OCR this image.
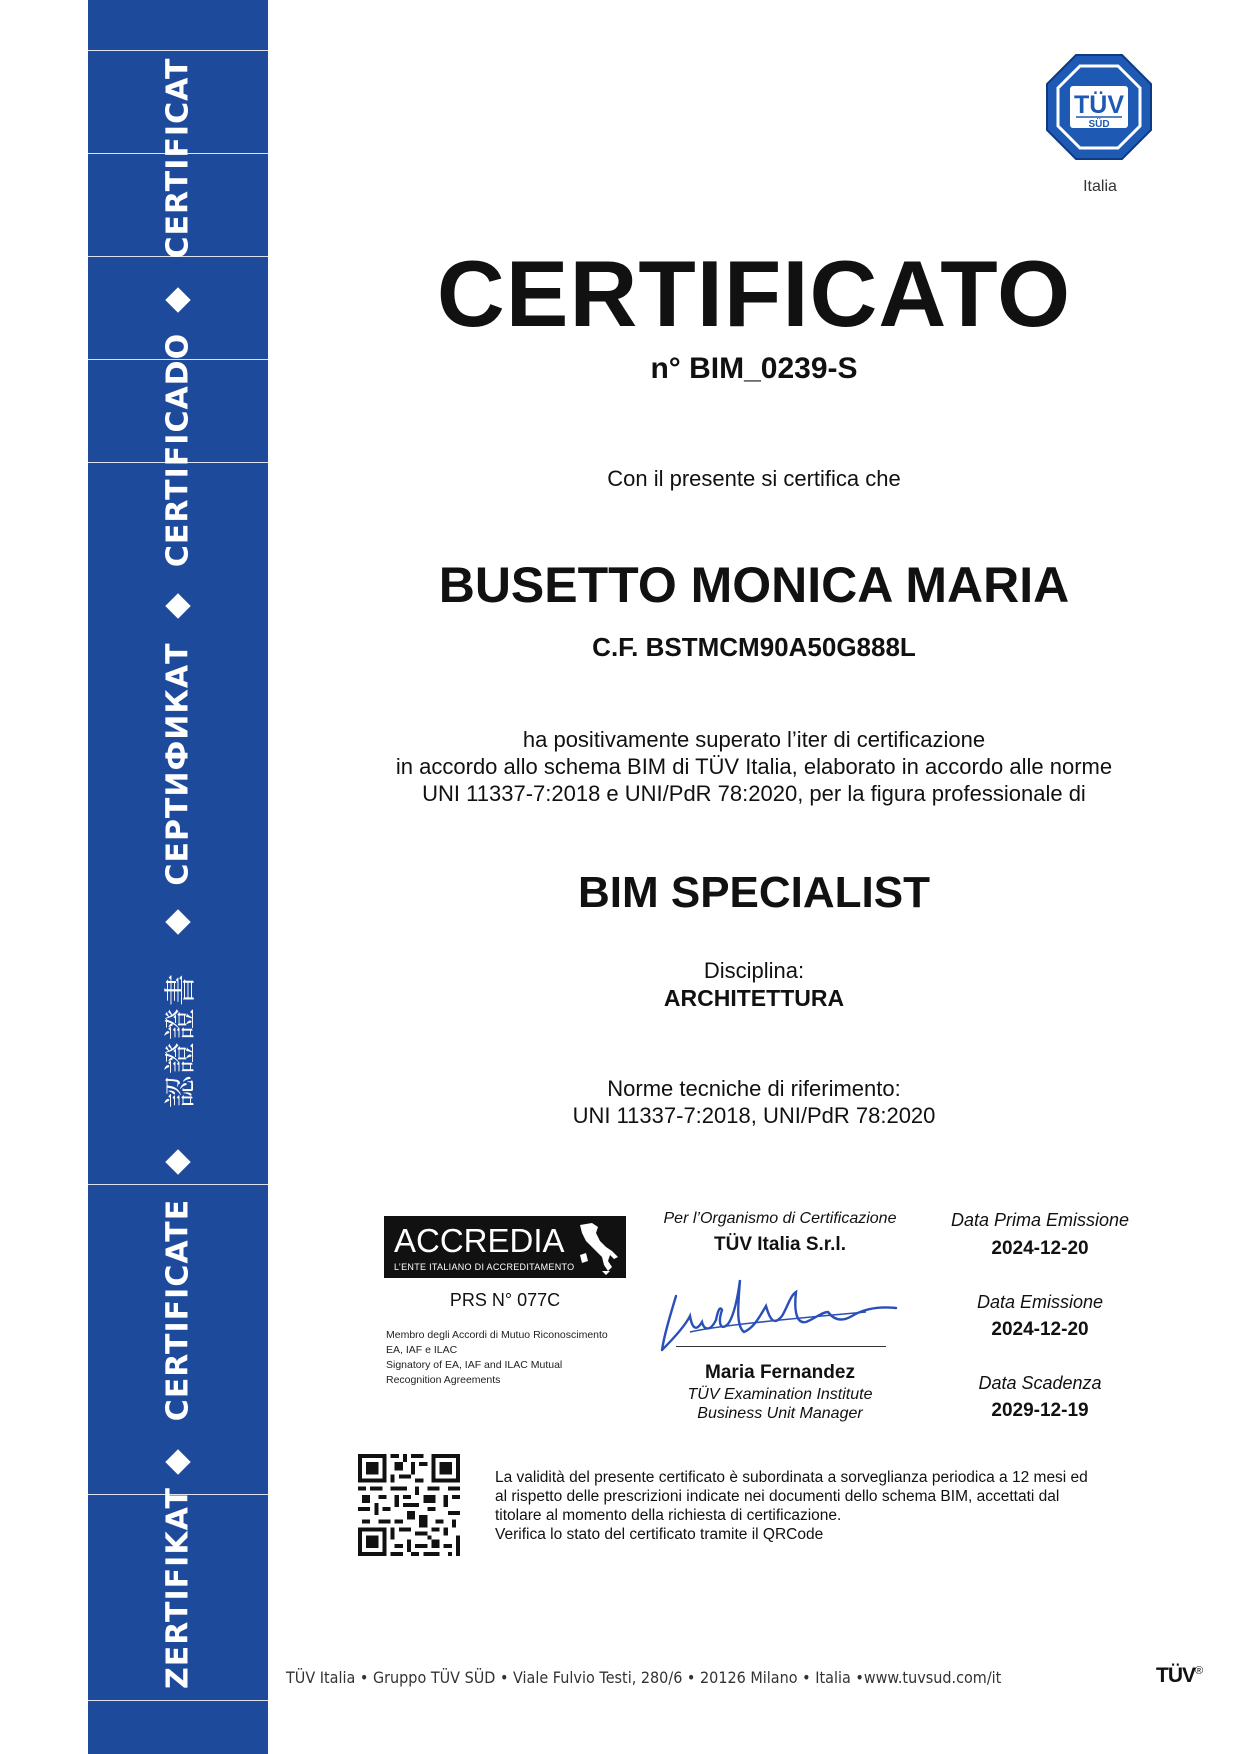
CERTIFICAT
CERTIFICADO
СЕРТИФИКАТ
認證證書
CERTIFICATE
ZERTIFIKAT
TÜV
SÜD
Italia
CERTIFICATO
n° BIM_0239-S
Con il presente si certifica che
BUSETTO MONICA MARIA
C.F. BSTMCM90A50G888L
ha positivamente superato l’iter di certificazione
in accordo allo schema BIM di TÜV Italia, elaborato in accordo alle norme
UNI 11337-7:2018 e UNI/PdR 78:2020, per la figura professionale di
BIM SPECIALIST
Disciplina:
ARCHITETTURA
Norme tecniche di riferimento:
UNI 11337-7:2018, UNI/PdR 78:2020
ACCREDIA
L’ENTE ITALIANO DI ACCREDITAMENTO
PRS N° 077C
Membro degli Accordi di Mutuo Riconoscimento
EA, IAF e ILAC
Signatory of EA, IAF and ILAC Mutual
Recognition Agreements
Per l’Organismo di Certificazione
TÜV Italia S.r.l.
Maria Fernandez
TÜV Examination Institute
Business Unit Manager
Data Prima Emissione
2024-12-20
Data Emissione
2024-12-20
Data Scadenza
2029-12-19
La validità del presente certificato è subordinata a sorveglianza periodica a 12 mesi ed
al rispetto delle prescrizioni indicate nei documenti dello schema BIM, accettati dal
titolare al momento della richiesta di certificazione.
Verifica lo stato del certificato tramite il QRCode
TÜV Italia • Gruppo TÜV SÜD • Viale Fulvio Testi, 280/6 • 20126 Milano • Italia •www.tuvsud.com/it	TÜV®
